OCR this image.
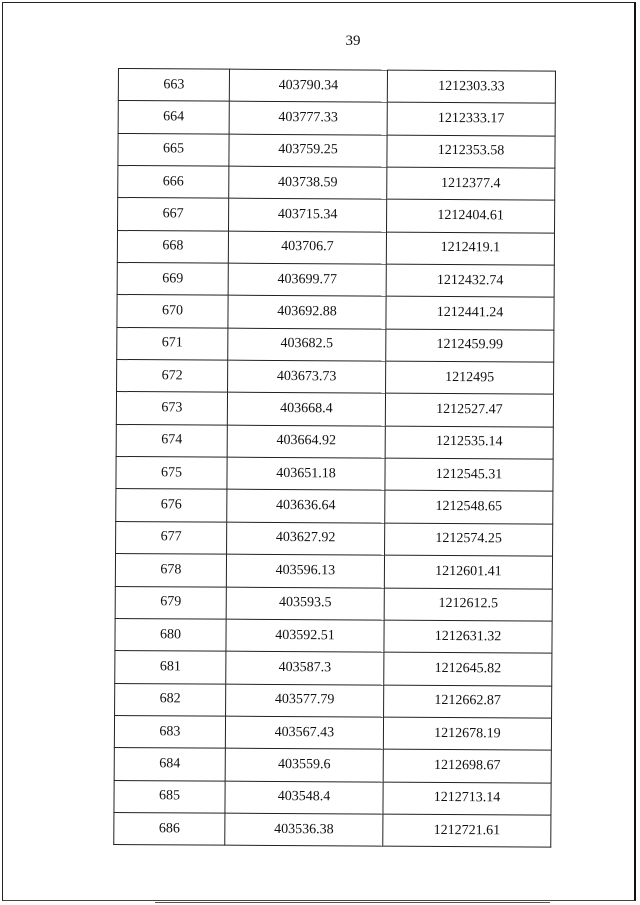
39
663	403790.34	1212303.33
664	403777.33	1212333.17
665	403759.25	1212353.58
666	403738.59	1212377.4
667	403715.34	1212404.61
668	403706.7	1212419.1
669	403699.77	1212432.74
670	403692.88	1212441.24
671	403682.5	1212459.99
672	403673.73	1212495
673	403668.4	1212527.47
674	403664.92	1212535.14
675	403651.18	1212545.31
676	403636.64	1212548.65
677	403627.92	1212574.25
678	403596.13	1212601.41
679	403593.5	1212612.5
680	403592.51	1212631.32
681	403587.3	1212645.82
682	403577.79	1212662.87
683	403567.43	1212678.19
684	403559.6	1212698.67
685	403548.4	1212713.14
686	403536.38	1212721.61
